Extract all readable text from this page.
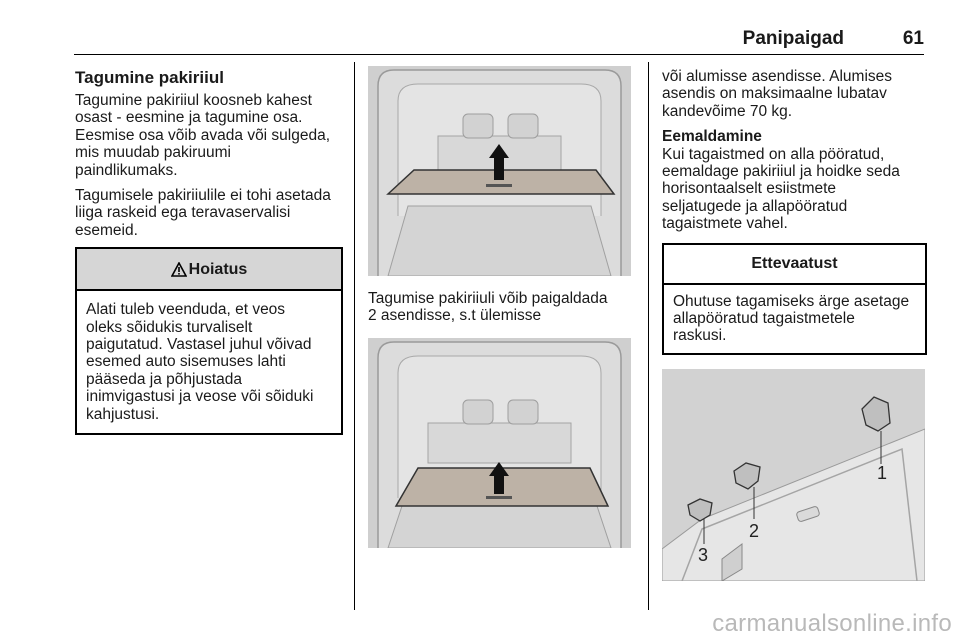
Panipaigad	61
Tagumine pakiriiul
Tagumine pakiriiul koosneb kahest
osast - eesmine ja tagumine osa.
Eesmise osa võib avada või sulgeda,
mis muudab pakiruumi
paindlikumaks.
Tagumisele pakiriiulile ei tohi asetada
liiga raskeid ega teravaservalisi
esemeid.
Hoiatus
Alati tuleb veenduda, et veos
oleks sõidukis turvaliselt
paigutatud. Vastasel juhul võivad
esemed auto sisemuses lahti
pääseda ja põhjustada
inimvigastusi ja veose või sõiduki
kahjustusi.
Tagumise pakiriiuli võib paigaldada
2 asendisse, s.t ülemisse
või alumisse asendisse. Alumises
asendis on maksimaalne lubatav
kandevõime 70 kg.
Eemaldamine
Kui tagaistmed on alla pööratud,
eemaldage pakiriiul ja hoidke seda
horisontaalselt esiistmete
seljatugede ja allapööratud
tagaistmete vahel.
Ettevaatust
Ohutuse tagamiseks ärge asetage
allapööratud tagaistmetele
raskusi.
1
2
3
carmanualsonline.info
